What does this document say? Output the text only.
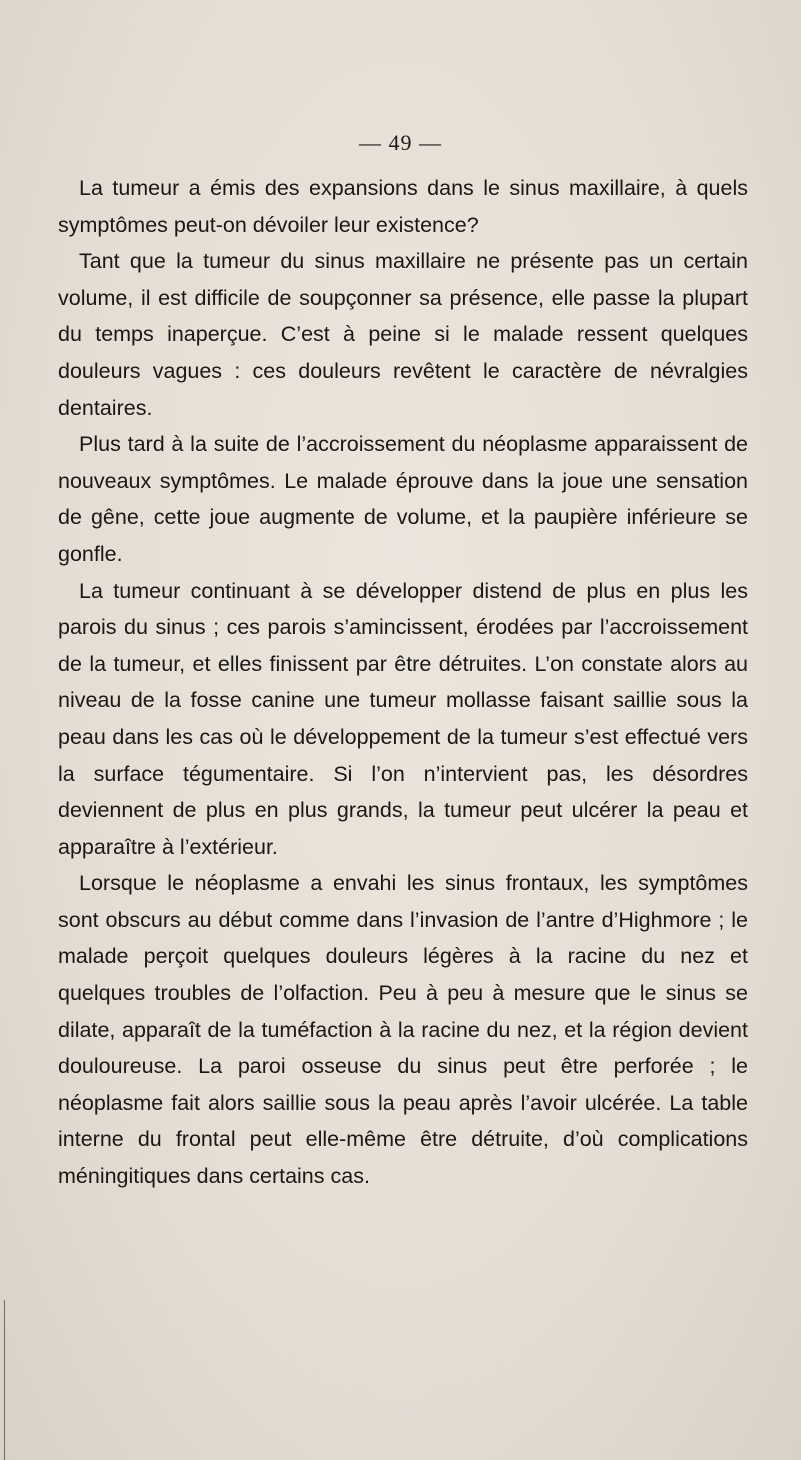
— 49 —

La tumeur a émis des expansions dans le sinus maxillaire, à quels symptômes peut-on dévoiler leur existence?

Tant que la tumeur du sinus maxillaire ne présente pas un certain volume, il est difficile de soupçonner sa présence, elle passe la plupart du temps inaperçue. C’est à peine si le malade ressent quelques douleurs vagues : ces douleurs revêtent le caractère de névralgies dentaires.

Plus tard à la suite de l’accroissement du néoplasme apparaissent de nouveaux symptômes. Le malade éprouve dans la joue une sensation de gêne, cette joue augmente de volume, et la paupière inférieure se gonfle.

La tumeur continuant à se développer distend de plus en plus les parois du sinus ; ces parois s’amincissent, érodées par l’accroissement de la tumeur, et elles finissent par être détruites. L’on constate alors au niveau de la fosse canine une tumeur mollasse faisant saillie sous la peau dans les cas où le développement de la tumeur s’est effectué vers la surface tégumentaire. Si l’on n’intervient pas, les désordres deviennent de plus en plus grands, la tumeur peut ulcérer la peau et apparaître à l’extérieur.

Lorsque le néoplasme a envahi les sinus frontaux, les symptômes sont obscurs au début comme dans l’invasion de l’antre d’Highmore ; le malade perçoit quelques douleurs légères à la racine du nez et quelques troubles de l’olfaction. Peu à peu à mesure que le sinus se dilate, apparaît de la tuméfaction à la racine du nez, et la région devient douloureuse. La paroi osseuse du sinus peut être perforée ; le néoplasme fait alors saillie sous la peau après l’avoir ulcérée. La table interne du frontal peut elle-même être détruite, d’où complications méningitiques dans certains cas.
